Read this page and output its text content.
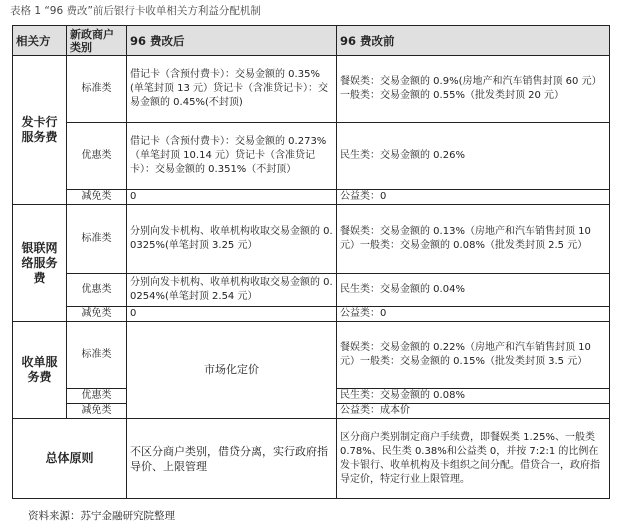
表格 1 “96 费改”前后银行卡收单相关方利益分配机制
相关方	新政商户类别	96 费改后	96 费改前
发卡行服务费	标准类	借记卡（含预付费卡）：交易金额的 0.35%(单笔封顶 13 元）贷记卡（含准贷记卡）：交易金额的 0.45%(不封顶)	餐娱类：交易金额的 0.9%(房地产和汽车销售封顶 60 元）一般类：交易金额的 0.55%（批发类封顶 20 元）
	优惠类	借记卡（含预付费卡）：交易金额的 0.273%（单笔封顶 10.14 元）贷记卡（含准贷记卡）：交易金额的 0.351%（不封顶）	民生类：交易金额的 0.26%
	减免类	0	公益类：0
银联网络服务费	标准类	分别向发卡机构、收单机构收取交易金额的 0.0325%(单笔封顶 3.25 元）	餐娱类：交易金额的 0.13%（房地产和汽车销售封顶 10 元）一般类：交易金额的 0.08%（批发类封顶 2.5 元）
	优惠类	分别向发卡机构、收单机构收取交易金额的 0.0254%(单笔封顶 2.54 元）	民生类：交易金额的 0.04%
	减免类	0	公益类：0
收单服务费	标准类	市场化定价	餐娱类：交易金额的 0.22%（房地产和汽车销售封顶 10 元）一般类：交易金额的 0.15%（批发类封顶 3.5 元）
	优惠类		民生类：交易金额的 0.08%
	减免类		公益类：成本价
总体原则		不区分商户类别，借贷分离，实行政府指导价、上限管理	区分商户类别制定商户手续费，即餐娱类 1.25%、一般类 0.78%、民生类 0.38%和公益类 0，并按 7:2:1 的比例在发卡银行、收单机构及卡组织之间分配。借贷合一，政府指导定价，特定行业上限管理。
资料来源：苏宁金融研究院整理
